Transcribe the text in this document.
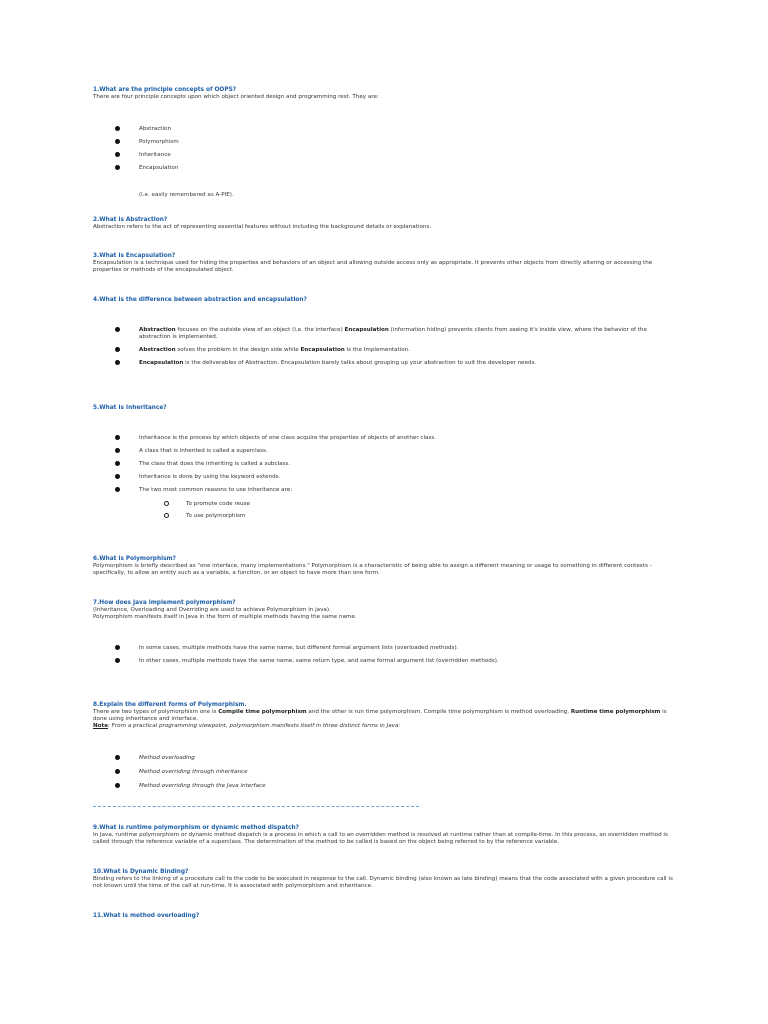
1.What are the principle concepts of OOPS?
There are four principle concepts upon which object oriented design and programming rest. They are:
Abstraction
Polymorphism
Inheritance
Encapsulation
(i.e. easily remembered as A-PIE).
2.What is Abstraction?
Abstraction refers to the act of representing essential features without including the background details or explanations.
3.What is Encapsulation?
Encapsulation is a technique used for hiding the properties and behaviors of an object and allowing outside access only as appropriate. It prevents other objects from directly altering or accessing the properties or methods of the encapsulated object.
4.What is the difference between abstraction and encapsulation?
Abstraction focuses on the outside view of an object (i.e. the interface) Encapsulation (information hiding) prevents clients from seeing it's inside view, where the behavior of the abstraction is implemented.
Abstraction solves the problem in the design side while Encapsulation is the Implementation.
Encapsulation is the deliverables of Abstraction. Encapsulation barely talks about grouping up your abstraction to suit the developer needs.
5.What is Inheritance?
Inheritance is the process by which objects of one class acquire the properties of objects of another class.
A class that is inherited is called a superclass.
The class that does the inheriting is called a subclass.
Inheritance is done by using the keyword extends.
The two most common reasons to use inheritance are:
To promote code reuse
To use polymorphism
6.What is Polymorphism?
Polymorphism is briefly described as "one interface, many implementations." Polymorphism is a characteristic of being able to assign a different meaning or usage to something in different contexts - specifically, to allow an entity such as a variable, a function, or an object to have more than one form.
7.How does Java implement polymorphism?
(Inheritance, Overloading and Overriding are used to achieve Polymorphism in java).
Polymorphism manifests itself in Java in the form of multiple methods having the same name.
In some cases, multiple methods have the same name, but different formal argument lists (overloaded methods).
In other cases, multiple methods have the same name, same return type, and same formal argument list (overridden methods).
8.Explain the different forms of Polymorphism.
There are two types of polymorphism one is Compile time polymorphism and the other is run time polymorphism. Compile time polymorphism is method overloading. Runtime time polymorphism is done using inheritance and interface.
Note: From a practical programming viewpoint, polymorphism manifests itself in three distinct forms in Java:
Method overloading
Method overriding through inheritance
Method overriding through the Java interface
9.What is runtime polymorphism or dynamic method dispatch?
In Java, runtime polymorphism or dynamic method dispatch is a process in which a call to an overridden method is resolved at runtime rather than at compile-time. In this process, an overridden method is called through the reference variable of a superclass. The determination of the method to be called is based on the object being referred to by the reference variable.
10.What is Dynamic Binding?
Binding refers to the linking of a procedure call to the code to be executed in response to the call. Dynamic binding (also known as late binding) means that the code associated with a given procedure call is not known until the time of the call at run-time. It is associated with polymorphism and inheritance.
11.What is method overloading?
